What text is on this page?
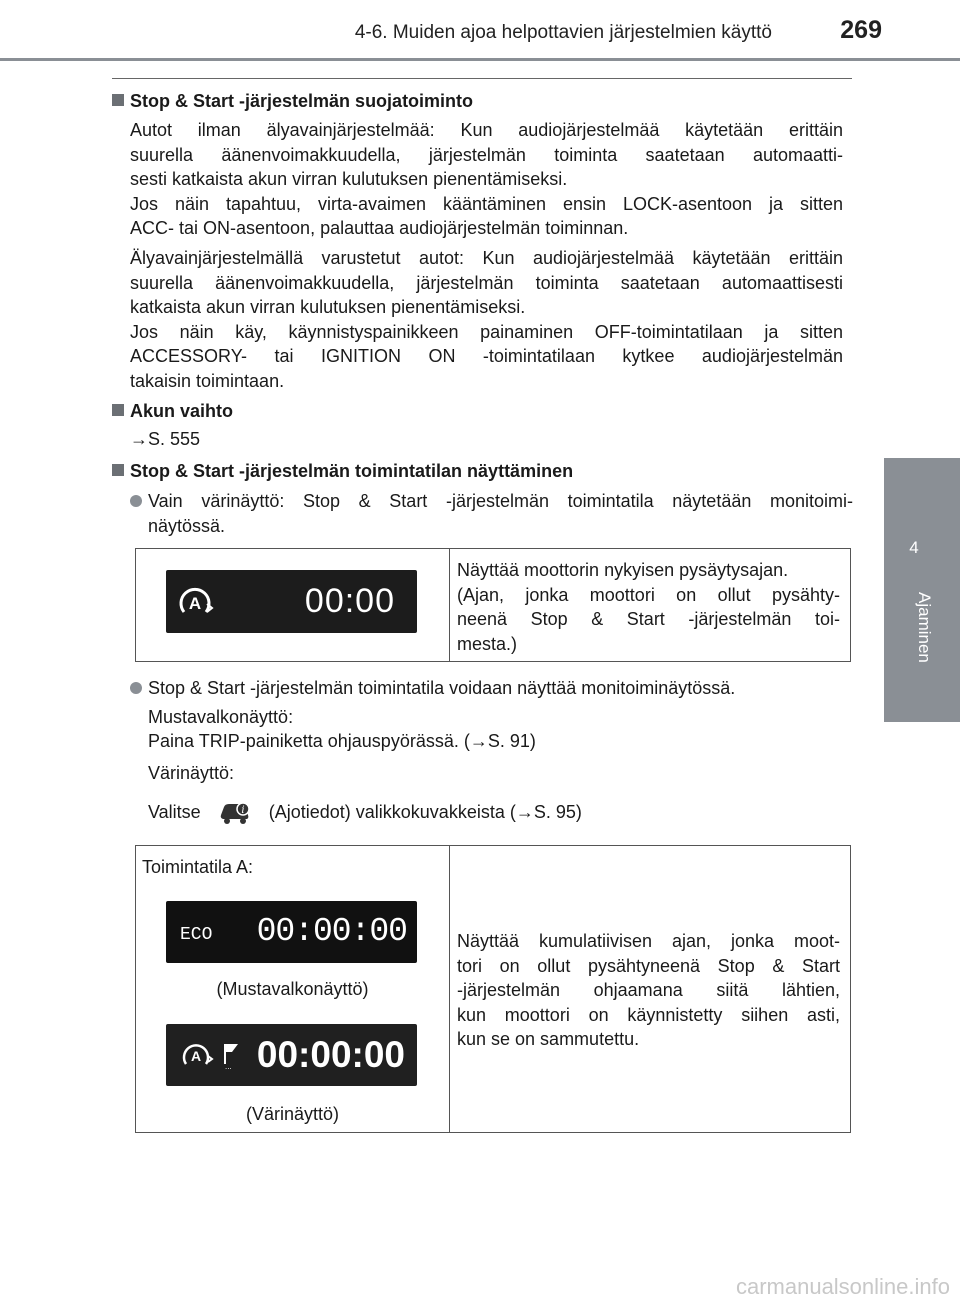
4-6. Muiden ajoa helpottavien järjestelmien käyttö	269
4
Ajaminen
Stop & Start -järjestelmän suojatoiminto
Autot ilman älyavainjärjestelmää: Kun audiojärjestelmää käytetään erittäin
suurella äänenvoimakkuudella, järjestelmän toiminta saatetaan automaatti-
sesti katkaista akun virran kulutuksen pienentämiseksi.
Jos näin tapahtuu, virta-avaimen kääntäminen ensin LOCK-asentoon ja sitten
ACC- tai ON-asentoon, palauttaa audiojärjestelmän toiminnan.
Älyavainjärjestelmällä varustetut autot: Kun audiojärjestelmää käytetään erittäin
suurella äänenvoimakkuudella, järjestelmän toiminta saatetaan automaattisesti
katkaista akun virran kulutuksen pienentämiseksi.
Jos näin käy, käynnistyspainikkeen painaminen OFF-toimintatilaan ja sitten
ACCESSORY- tai IGNITION ON -toimintatilaan kytkee audiojärjestelmän
takaisin toimintaan.
Akun vaihto
→S. 555
Stop & Start -järjestelmän toimintatilan näyttäminen
Vain värinäyttö: Stop & Start -järjestelmän toimintatila näytetään monitoimi-
näytössä.
A	00:00

Näyttää moottorin nykyisen pysäytysajan.
(Ajan, jonka moottori on ollut pysähty-
neenä Stop & Start -järjestelmän toi-
mesta.)
Stop & Start -järjestelmän toimintatila voidaan näyttää monitoiminäytössä.
Mustavalkonäyttö:
Paina TRIP-painiketta ohjauspyörässä. (→S. 91)
Värinäyttö:
Valitse	i (Ajotiedot) valikkokuvakkeista (→S. 95)
Toimintatila A:
ECO 00:00:00
(Mustavalkonäyttö)
A
... 00:00:00
(Värinäyttö)

Näyttää kumulatiivisen ajan, jonka moot-
tori on ollut pysähtyneenä Stop & Start
-järjestelmän ohjaamana siitä lähtien,
kun moottori on käynnistetty siihen asti,
kun se on sammutettu.
carmanualsonline.info
